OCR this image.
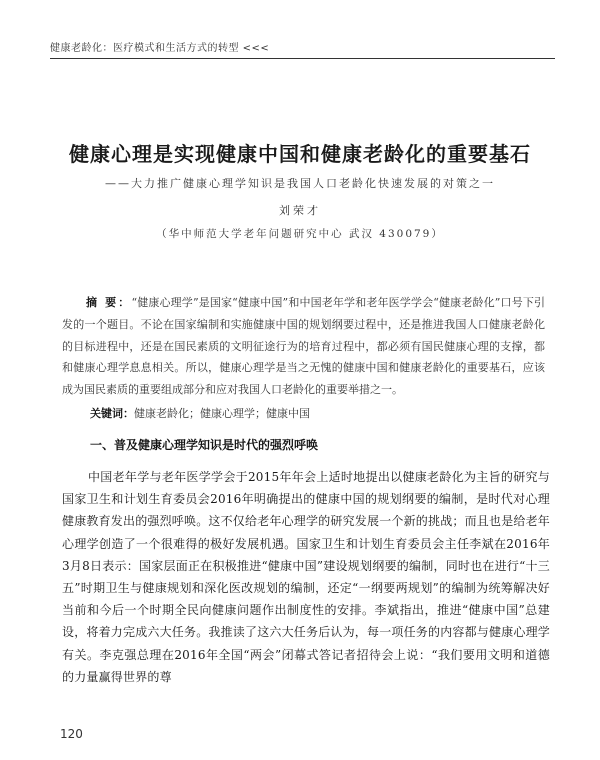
健康老龄化：医疗模式和生活方式的转型 <<<
健康心理是实现健康中国和健康老龄化的重要基石
——大力推广健康心理学知识是我国人口老龄化快速发展的对策之一
刘荣才
（华中师范大学老年问题研究中心 武汉 430079）

摘 要：“健康心理学”是国家“健康中国”和中国老年学和老年医学学会“健康老龄化”口号下引发的一个题目。不论在国家编制和实施健康中国的规划纲要过程中，还是推进我国人口健康老龄化的目标进程中，还是在国民素质的文明征途行为的培育过程中，都必须有国民健康心理的支撑，都和健康心理学息息相关。所以，健康心理学是当之无愧的健康中国和健康老龄化的重要基石，应该成为国民素质的重要组成部分和应对我国人口老龄化的重要举措之一。

关键词：健康老龄化；健康心理学；健康中国

一、普及健康心理学知识是时代的强烈呼唤

中国老年学与老年医学学会于2015年年会上适时地提出以健康老龄化为主旨的研究与国家卫生和计划生育委员会2016年明确提出的健康中国的规划纲要的编制，是时代对心理健康教育发出的强烈呼唤。这不仅给老年心理学的研究发展一个新的挑战；而且也是给老年心理学创造了一个很难得的极好发展机遇。国家卫生和计划生育委员会主任李斌在2016年3月8日表示：国家层面正在积极推进“健康中国”建设规划纲要的编制，同时也在进行“十三五”时期卫生与健康规划和深化医改规划的编制，还定“一纲要两规划”的编制为统筹解决好当前和今后一个时期全民向健康问题作出制度性的安排。李斌指出，推进“健康中国”总建设，将着力完成六大任务。我推读了这六大任务后认为，每一项任务的内容都与健康心理学有关。李克强总理在2016年全国“两会”闭幕式答记者招待会上说：“我们要用文明和道德的力量赢得世界的尊

120
